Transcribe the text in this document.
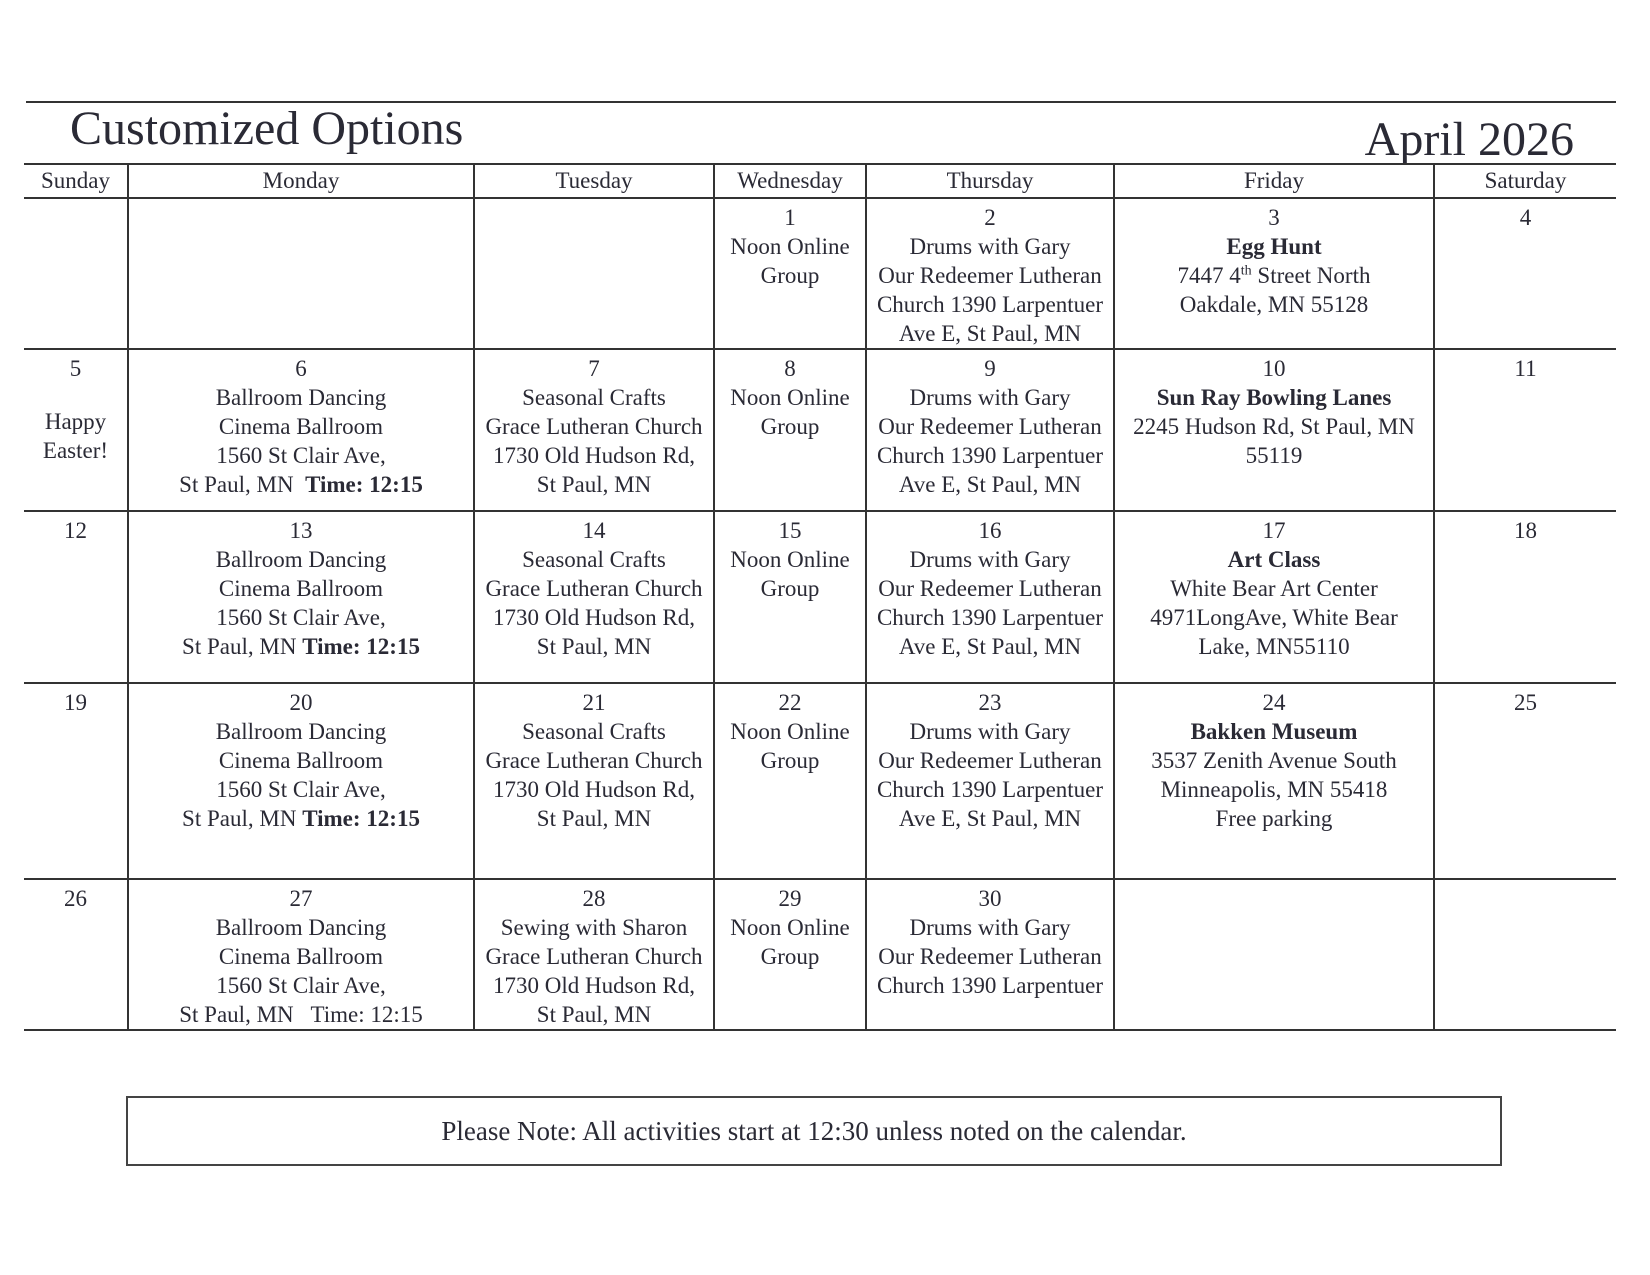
Customized Options	April 2026
Sunday	Monday	Tuesday	Wednesday	Thursday	Friday	Saturday

			1
Noon Online
Group	2
Drums with Gary
Our Redeemer Lutheran
Church 1390 Larpentuer
Ave E, St Paul, MN	3
Egg Hunt
7447 4th Street North
Oakdale, MN 55128	4

5
Happy
Easter!	6
Ballroom Dancing
Cinema Ballroom
1560 St Clair Ave,
St Paul, MN Time: 12:15	7
Seasonal Crafts
Grace Lutheran Church
1730 Old Hudson Rd,
St Paul, MN	8
Noon Online
Group	9
Drums with Gary
Our Redeemer Lutheran
Church 1390 Larpentuer
Ave E, St Paul, MN	10
Sun Ray Bowling Lanes
2245 Hudson Rd, St Paul, MN
55119	11

12	13
Ballroom Dancing
Cinema Ballroom
1560 St Clair Ave,
St Paul, MN Time: 12:15	14
Seasonal Crafts
Grace Lutheran Church
1730 Old Hudson Rd,
St Paul, MN	15
Noon Online
Group	16
Drums with Gary
Our Redeemer Lutheran
Church 1390 Larpentuer
Ave E, St Paul, MN	17
Art Class
White Bear Art Center
4971LongAve, White Bear
Lake, MN55110	18

19	20
Ballroom Dancing
Cinema Ballroom
1560 St Clair Ave,
St Paul, MN Time: 12:15	21
Seasonal Crafts
Grace Lutheran Church
1730 Old Hudson Rd,
St Paul, MN	22
Noon Online
Group	23
Drums with Gary
Our Redeemer Lutheran
Church 1390 Larpentuer
Ave E, St Paul, MN	24
Bakken Museum
3537 Zenith Avenue South
Minneapolis, MN 55418
Free parking	25

26	27
Ballroom Dancing
Cinema Ballroom
1560 St Clair Ave,
St Paul, MN Time: 12:15	28
Sewing with Sharon
Grace Lutheran Church
1730 Old Hudson Rd,
St Paul, MN	29
Noon Online
Group	30
Drums with Gary
Our Redeemer Lutheran
Church 1390 Larpentuer		

Please Note: All activities start at 12:30 unless noted on the calendar.
